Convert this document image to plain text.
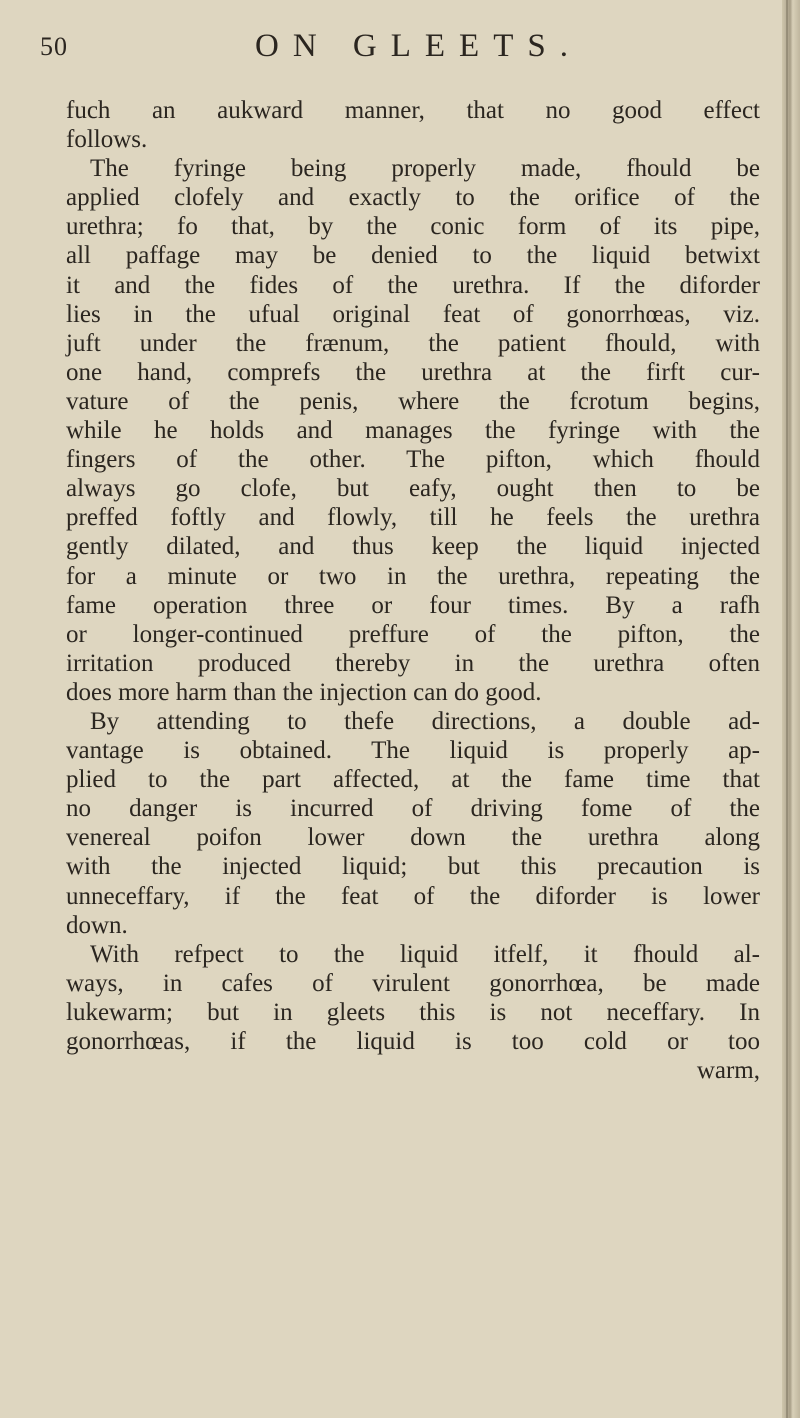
50	ON GLEETS.
fuch an aukward manner, that no good effect
follows.
The fyringe being properly made, fhould be
applied clofely and exactly to the orifice of the
urethra; fo that, by the conic form of its pipe,
all paffage may be denied to the liquid betwixt
it and the fides of the urethra. If the diforder
lies in the ufual original feat of gonorrhœas, viz.
juft under the frænum, the patient fhould, with
one hand, comprefs the urethra at the firft cur-
vature of the penis, where the fcrotum begins,
while he holds and manages the fyringe with the
fingers of the other. The pifton, which fhould
always go clofe, but eafy, ought then to be
preffed foftly and flowly, till he feels the urethra
gently dilated, and thus keep the liquid injected
for a minute or two in the urethra, repeating the
fame operation three or four times. By a rafh
or longer-continued preffure of the pifton, the
irritation produced thereby in the urethra often
does more harm than the injection can do good.
By attending to thefe directions, a double ad-
vantage is obtained. The liquid is properly ap-
plied to the part affected, at the fame time that
no danger is incurred of driving fome of the
venereal poifon lower down the urethra along
with the injected liquid; but this precaution is
unneceffary, if the feat of the diforder is lower
down.
With refpect to the liquid itfelf, it fhould al-
ways, in cafes of virulent gonorrhœa, be made
lukewarm; but in gleets this is not neceffary. In
gonorrhœas, if the liquid is too cold or too
warm,
